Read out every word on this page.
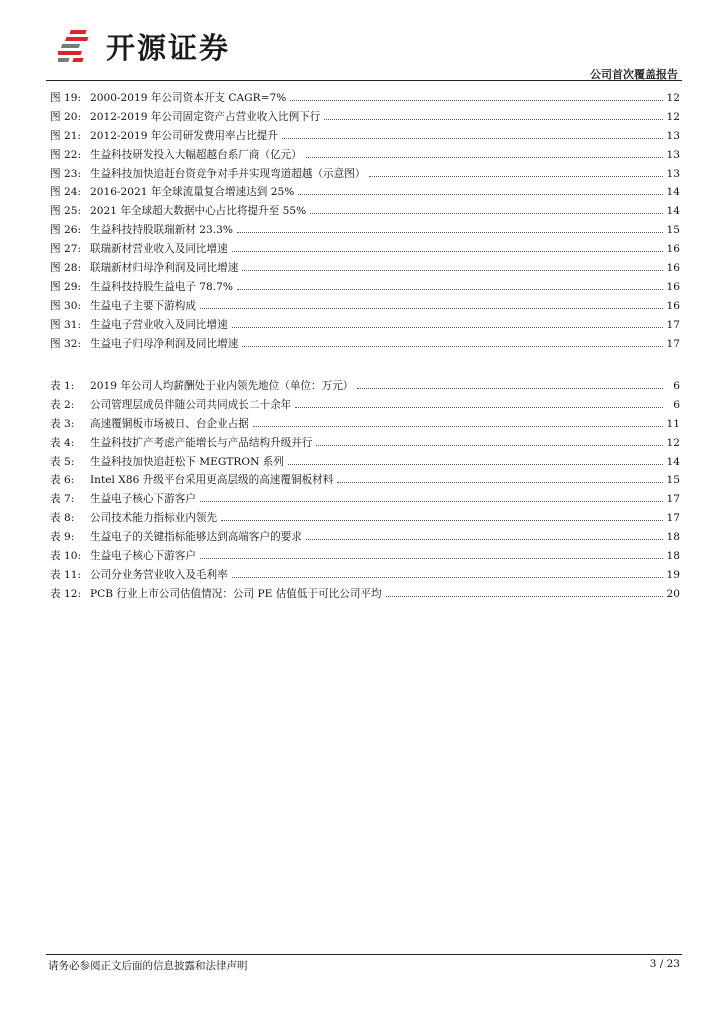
开源证券
公司首次覆盖报告
图 19: 2000-2019 年公司资本开支 CAGR=7%	12
图 20: 2012-2019 年公司固定资产占营业收入比例下行	12
图 21: 2012-2019 年公司研发费用率占比提升	13
图 22: 生益科技研发投入大幅超越台系厂商（亿元）	13
图 23: 生益科技加快追赶台资竞争对手并实现弯道超越（示意图）	13
图 24: 2016-2021 年全球流量复合增速达到 25%	14
图 25: 2021 年全球超大数据中心占比将提升至 55%	14
图 26: 生益科技持股联瑞新材 23.3%	15
图 27: 联瑞新材营业收入及同比增速	16
图 28: 联瑞新材归母净利润及同比增速	16
图 29: 生益科技持股生益电子 78.7%	16
图 30: 生益电子主要下游构成	16
图 31: 生益电子营业收入及同比增速	17
图 32: 生益电子归母净利润及同比增速	17
表 1:	2019 年公司人均薪酬处于业内领先地位（单位：万元）	6
表 2:	公司管理层成员伴随公司共同成长二十余年	6
表 3:	高速覆铜板市场被日、台企业占据	11
表 4:	生益科技扩产考虑产能增长与产品结构升级并行	12
表 5:	生益科技加快追赶松下 MEGTRON 系列	14
表 6:	Intel X86 升级平台采用更高层级的高速覆铜板材料	15
表 7:	生益电子核心下游客户	17
表 8:	公司技术能力指标业内领先	17
表 9:	生益电子的关键指标能够达到高端客户的要求	18
表 10: 生益电子核心下游客户	18
表 11: 公司分业务营业收入及毛利率	19
表 12: PCB 行业上市公司估值情况：公司 PE 估值低于可比公司平均	20
请务必参阅正文后面的信息披露和法律声明	3 / 23
